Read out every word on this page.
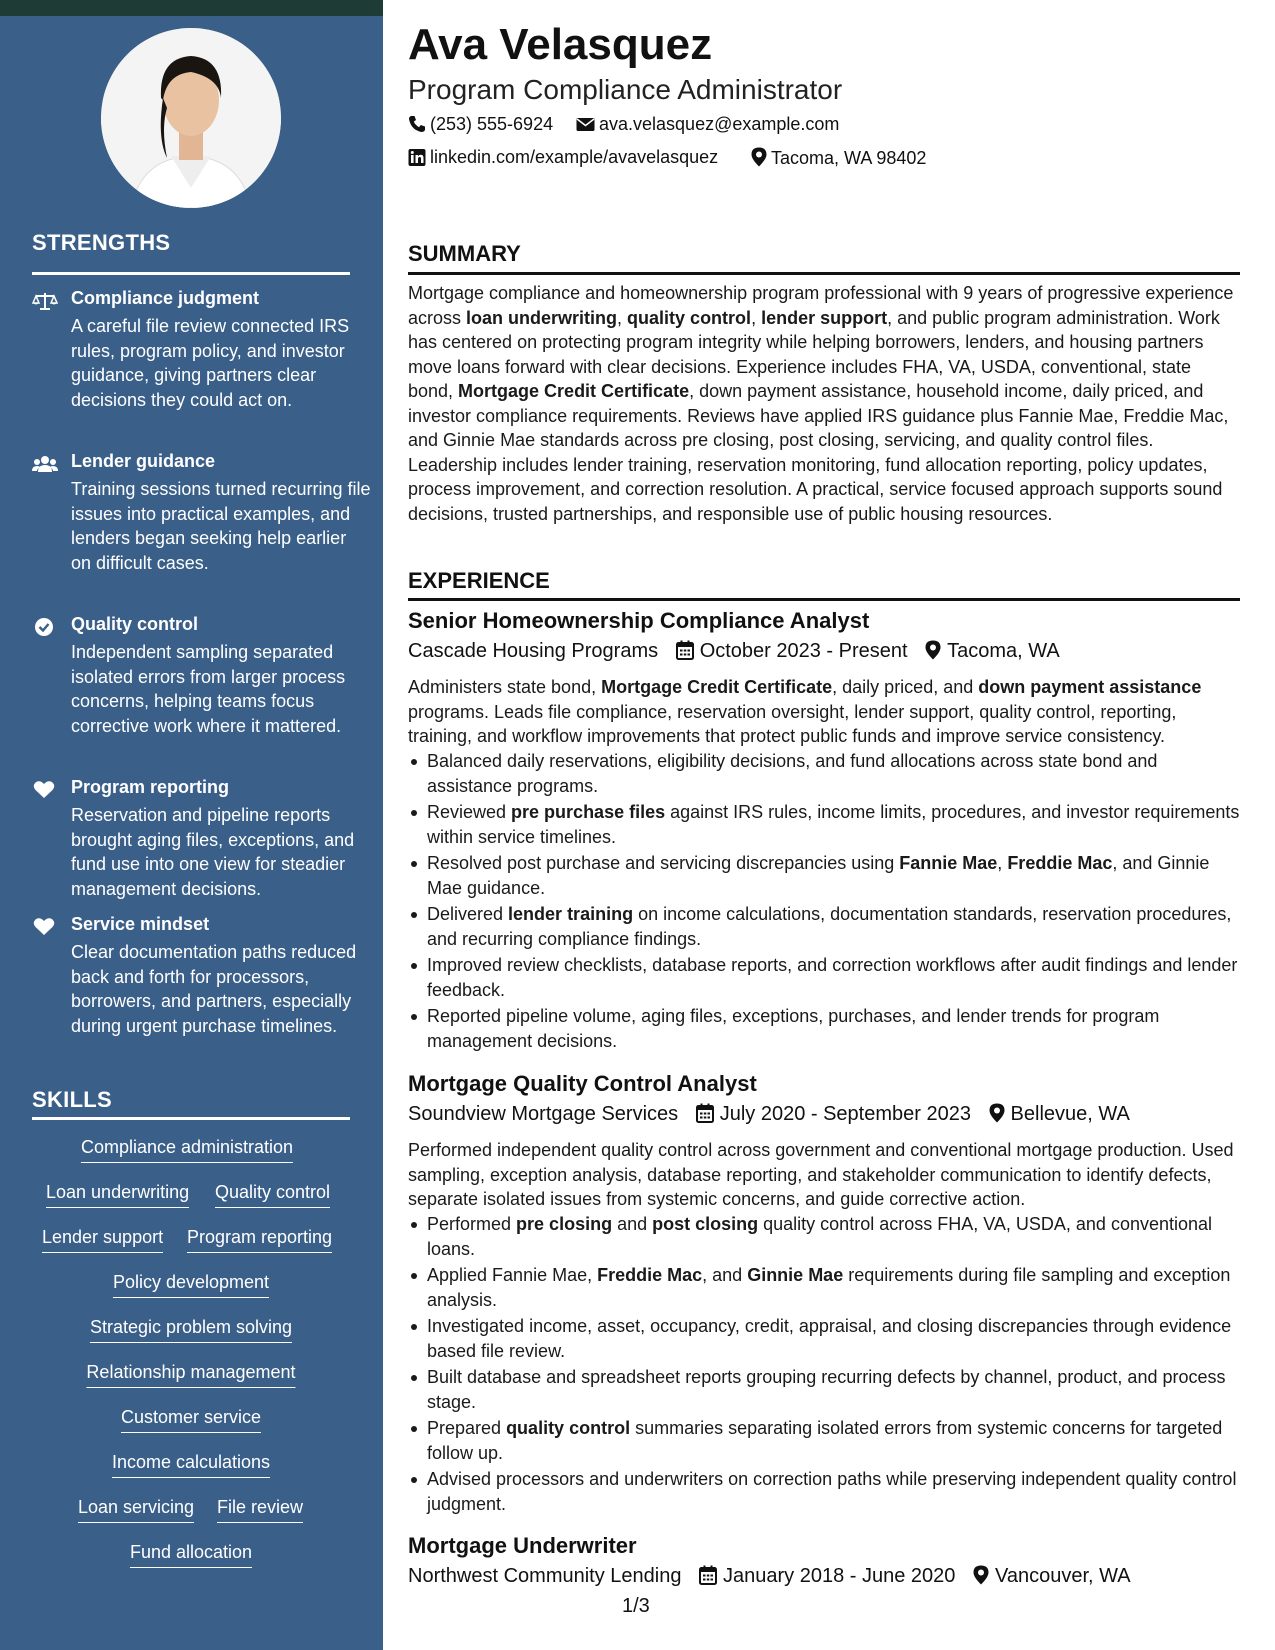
STRENGTHS
Compliance judgment
A careful file review connected IRS rules, program policy, and investor guidance, giving partners clear decisions they could act on.
Lender guidance
Training sessions turned recurring file issues into practical examples, and lenders began seeking help earlier on difficult cases.
Quality control
Independent sampling separated isolated errors from larger process concerns, helping teams focus corrective work where it mattered.
Program reporting
Reservation and pipeline reports brought aging files, exceptions, and fund use into one view for steadier management decisions.
Service mindset
Clear documentation paths reduced back and forth for processors, borrowers, and partners, especially during urgent purchase timelines.
SKILLS
Compliance administration
Loan underwriting Quality control
Lender support Program reporting
Policy development
Strategic problem solving
Relationship management
Customer service
Income calculations
Loan servicing File review
Fund allocation
Ava Velasquez
Program Compliance Administrator
(253) 555-6924	ava.velasquez@example.com
linkedin.com/example/avavelasquez	Tacoma, WA 98402
SUMMARY
Mortgage compliance and homeownership program professional with 9 years of progressive experience across loan underwriting, quality control, lender support, and public program administration. Work has centered on protecting program integrity while helping borrowers, lenders, and housing partners move loans forward with clear decisions. Experience includes FHA, VA, USDA, conventional, state bond, Mortgage Credit Certificate, down payment assistance, household income, daily priced, and investor compliance requirements. Reviews have applied IRS guidance plus Fannie Mae, Freddie Mac, and Ginnie Mae standards across pre closing, post closing, servicing, and quality control files. Leadership includes lender training, reservation monitoring, fund allocation reporting, policy updates, process improvement, and correction resolution. A practical, service focused approach supports sound decisions, trusted partnerships, and responsible use of public housing resources.
EXPERIENCE
Senior Homeownership Compliance Analyst
Cascade Housing Programs October 2023 - Present Tacoma, WA
Administers state bond, Mortgage Credit Certificate, daily priced, and down payment assistance programs. Leads file compliance, reservation oversight, lender support, quality control, reporting, training, and workflow improvements that protect public funds and improve service consistency.
Balanced daily reservations, eligibility decisions, and fund allocations across state bond and assistance programs.
Reviewed pre purchase files against IRS rules, income limits, procedures, and investor requirements within service timelines.
Resolved post purchase and servicing discrepancies using Fannie Mae, Freddie Mac, and Ginnie Mae guidance.
Delivered lender training on income calculations, documentation standards, reservation procedures, and recurring compliance findings.
Improved review checklists, database reports, and correction workflows after audit findings and lender feedback.
Reported pipeline volume, aging files, exceptions, purchases, and lender trends for program management decisions.
Mortgage Quality Control Analyst
Soundview Mortgage Services July 2020 - September 2023 Bellevue, WA
Performed independent quality control across government and conventional mortgage production. Used sampling, exception analysis, database reporting, and stakeholder communication to identify defects, separate isolated issues from systemic concerns, and guide corrective action.
Performed pre closing and post closing quality control across FHA, VA, USDA, and conventional loans.
Applied Fannie Mae, Freddie Mac, and Ginnie Mae requirements during file sampling and exception analysis.
Investigated income, asset, occupancy, credit, appraisal, and closing discrepancies through evidence based file review.
Built database and spreadsheet reports grouping recurring defects by channel, product, and process stage.
Prepared quality control summaries separating isolated errors from systemic concerns for targeted follow up.
Advised processors and underwriters on correction paths while preserving independent quality control judgment.
Mortgage Underwriter
Northwest Community Lending January 2018 - June 2020 Vancouver, WA
1/3
